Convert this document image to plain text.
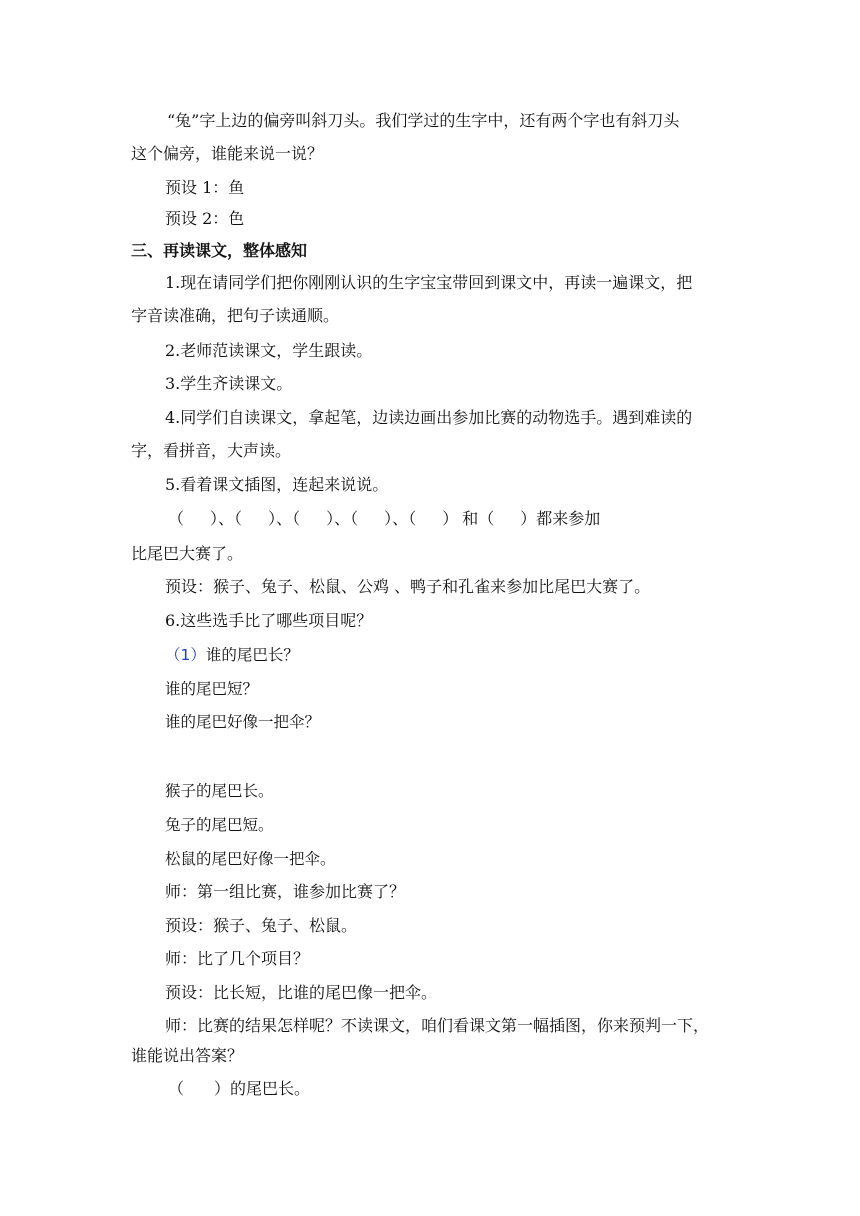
“兔”字上边的偏旁叫斜刀头。我们学过的生字中，还有两个字也有斜刀头
这个偏旁，谁能来说一说？
预设 1：鱼
预设 2：色
三、再读课文，整体感知
1.现在请同学们把你刚刚认识的生字宝宝带回到课文中，再读一遍课文，把
字音读准确，把句子读通顺。
2.老师范读课文，学生跟读。
3.学生齐读课文。
4.同学们自读课文，拿起笔，边读边画出参加比赛的动物选手。遇到难读的
字，看拼音，大声读。
5.看着课文插图，连起来说说。
（ ）、（ ）、（ ）、（ ）、（ ） 和（ ）都来参加
比尾巴大赛了。
预设：猴子、兔子、松鼠、公鸡 、鸭子和孔雀来参加比尾巴大赛了。
6.这些选手比了哪些项目呢？
（1）谁的尾巴长？
谁的尾巴短？
谁的尾巴好像一把伞？
猴子的尾巴长。
兔子的尾巴短。
松鼠的尾巴好像一把伞。
师：第一组比赛，谁参加比赛了？
预设：猴子、兔子、松鼠。
师：比了几个项目？
预设：比长短，比谁的尾巴像一把伞。
师：比赛的结果怎样呢？不读课文，咱们看课文第一幅插图，你来预判一下，
谁能说出答案？
（ ）的尾巴长。
